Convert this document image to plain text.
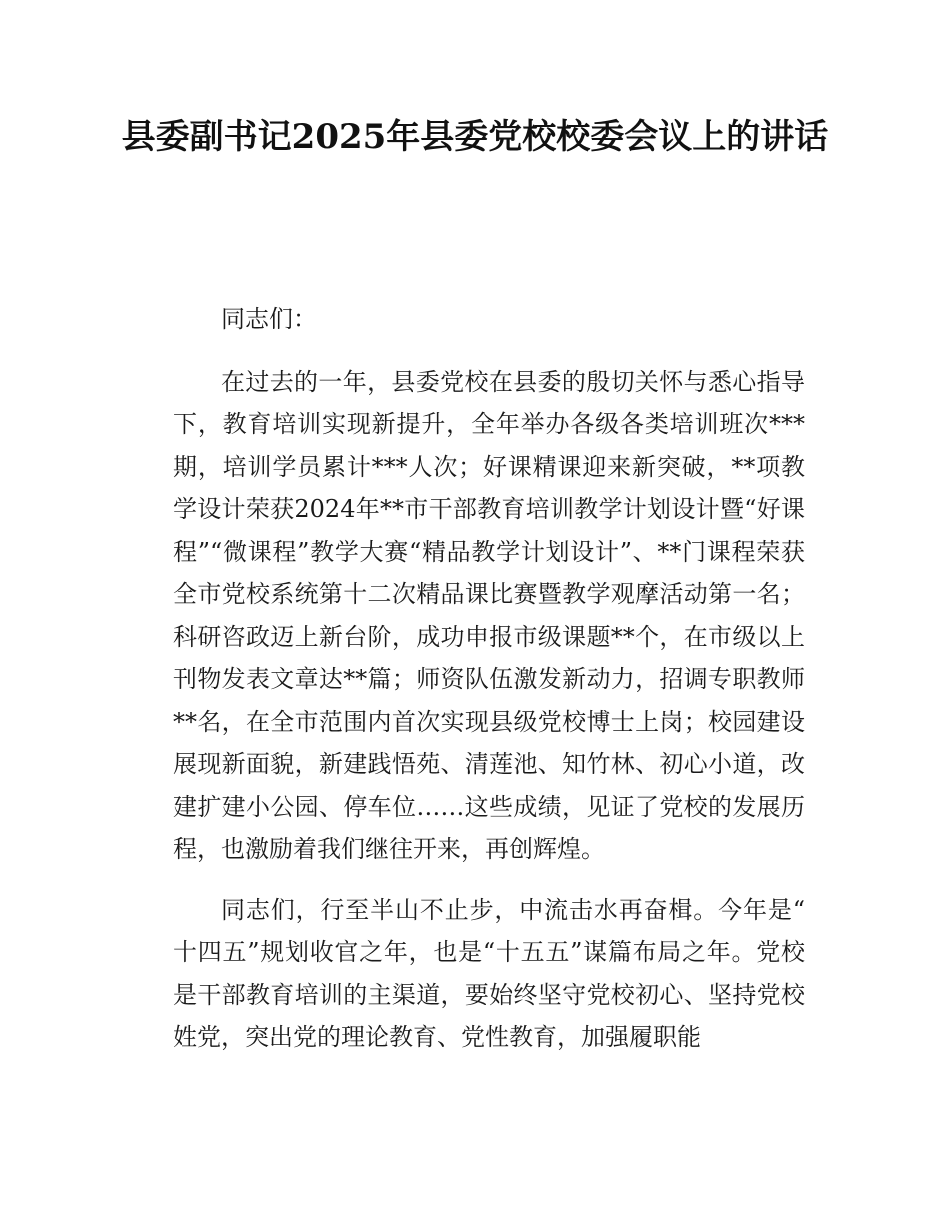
县委副书记2025年县委党校校委会议上的讲话

同志们：

在过去的一年，县委党校在县委的殷切关怀与悉心指导下，教育培训实现新提升，全年举办各级各类培训班次***期，培训学员累计***人次；好课精课迎来新突破，**项教学设计荣获2024年**市干部教育培训教学计划设计暨“好课程”“微课程”教学大赛“精品教学计划设计”、**门课程荣获全市党校系统第十二次精品课比赛暨教学观摩活动第一名；科研咨政迈上新台阶，成功申报市级课题**个，在市级以上刊物发表文章达**篇；师资队伍激发新动力，招调专职教师**名，在全市范围内首次实现县级党校博士上岗；校园建设展现新面貌，新建践悟苑、清莲池、知竹林、初心小道，改建扩建小公园、停车位……这些成绩，见证了党校的发展历程，也激励着我们继往开来，再创辉煌。

同志们，行至半山不止步，中流击水再奋楫。今年是“十四五”规划收官之年，也是“十五五”谋篇布局之年。党校是干部教育培训的主渠道，要始终坚守党校初心、坚持党校姓党，突出党的理论教育、党性教育，加强履职能
